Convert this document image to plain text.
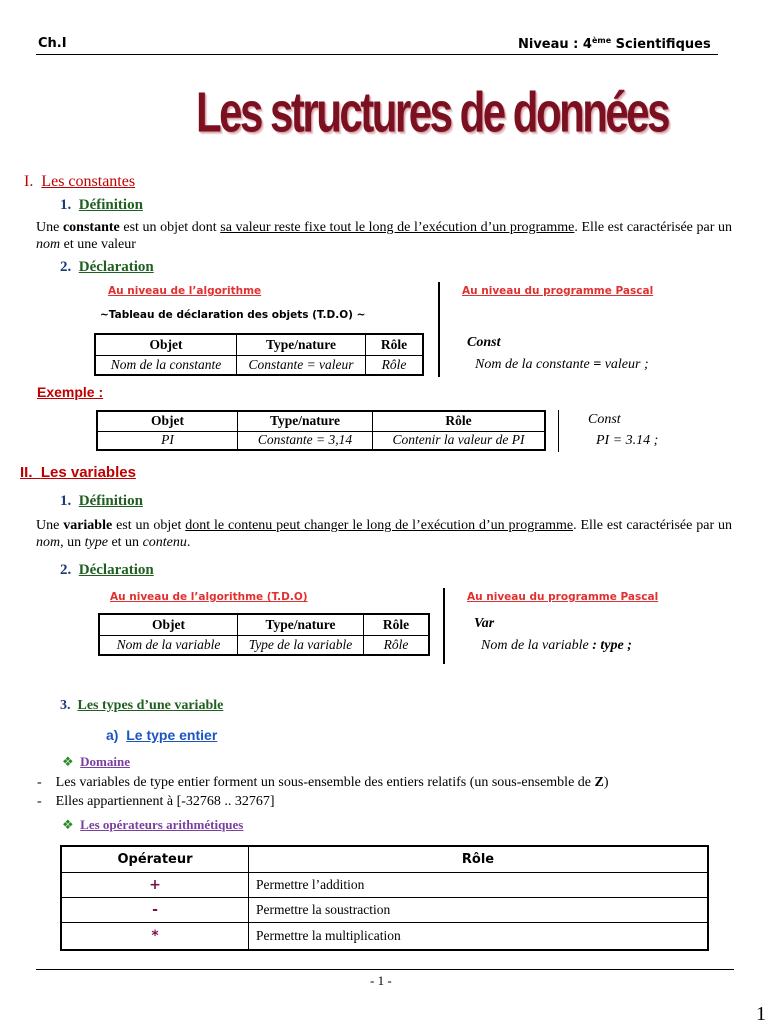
Ch.I	Niveau : 4ème Scientifiques
Les structures de données
I. Les constantes
1. Définition
Une constante est un objet dont sa valeur reste fixe tout le long de l’exécution d’un programme. Elle est caractérisée par un nom et une valeur
2. Déclaration
Au niveau de l’algorithme	Au niveau du programme Pascal
~Tableau de déclaration des objets (T.D.O) ~
Objet	Type/nature	Rôle
Nom de la constante	Constante = valeur	Rôle
Const
Nom de la constante = valeur ;
Exemple :
Objet	Type/nature	Rôle
PI	Constante = 3,14	Contenir la valeur de PI
Const
PI = 3.14 ;
II. Les variables
1. Définition
Une variable est un objet dont le contenu peut changer le long de l’exécution d’un programme. Elle est caractérisée par un nom, un type et un contenu.
2. Déclaration
Au niveau de l’algorithme (T.D.O)	Au niveau du programme Pascal
Objet	Type/nature	Rôle
Nom de la variable	Type de la variable	Rôle
Var
Nom de la variable : type ;
3. Les types d’une variable
a) Le type entier
❖ Domaine
-    Les variables de type entier forment un sous-ensemble des entiers relatifs (un sous-ensemble de Z)
-    Elles appartiennent à [-32768 .. 32767]
❖ Les opérateurs arithmétiques
Opérateur	Rôle
+	Permettre l’addition
-	Permettre la soustraction
*	Permettre la multiplication
- 1 -
1
